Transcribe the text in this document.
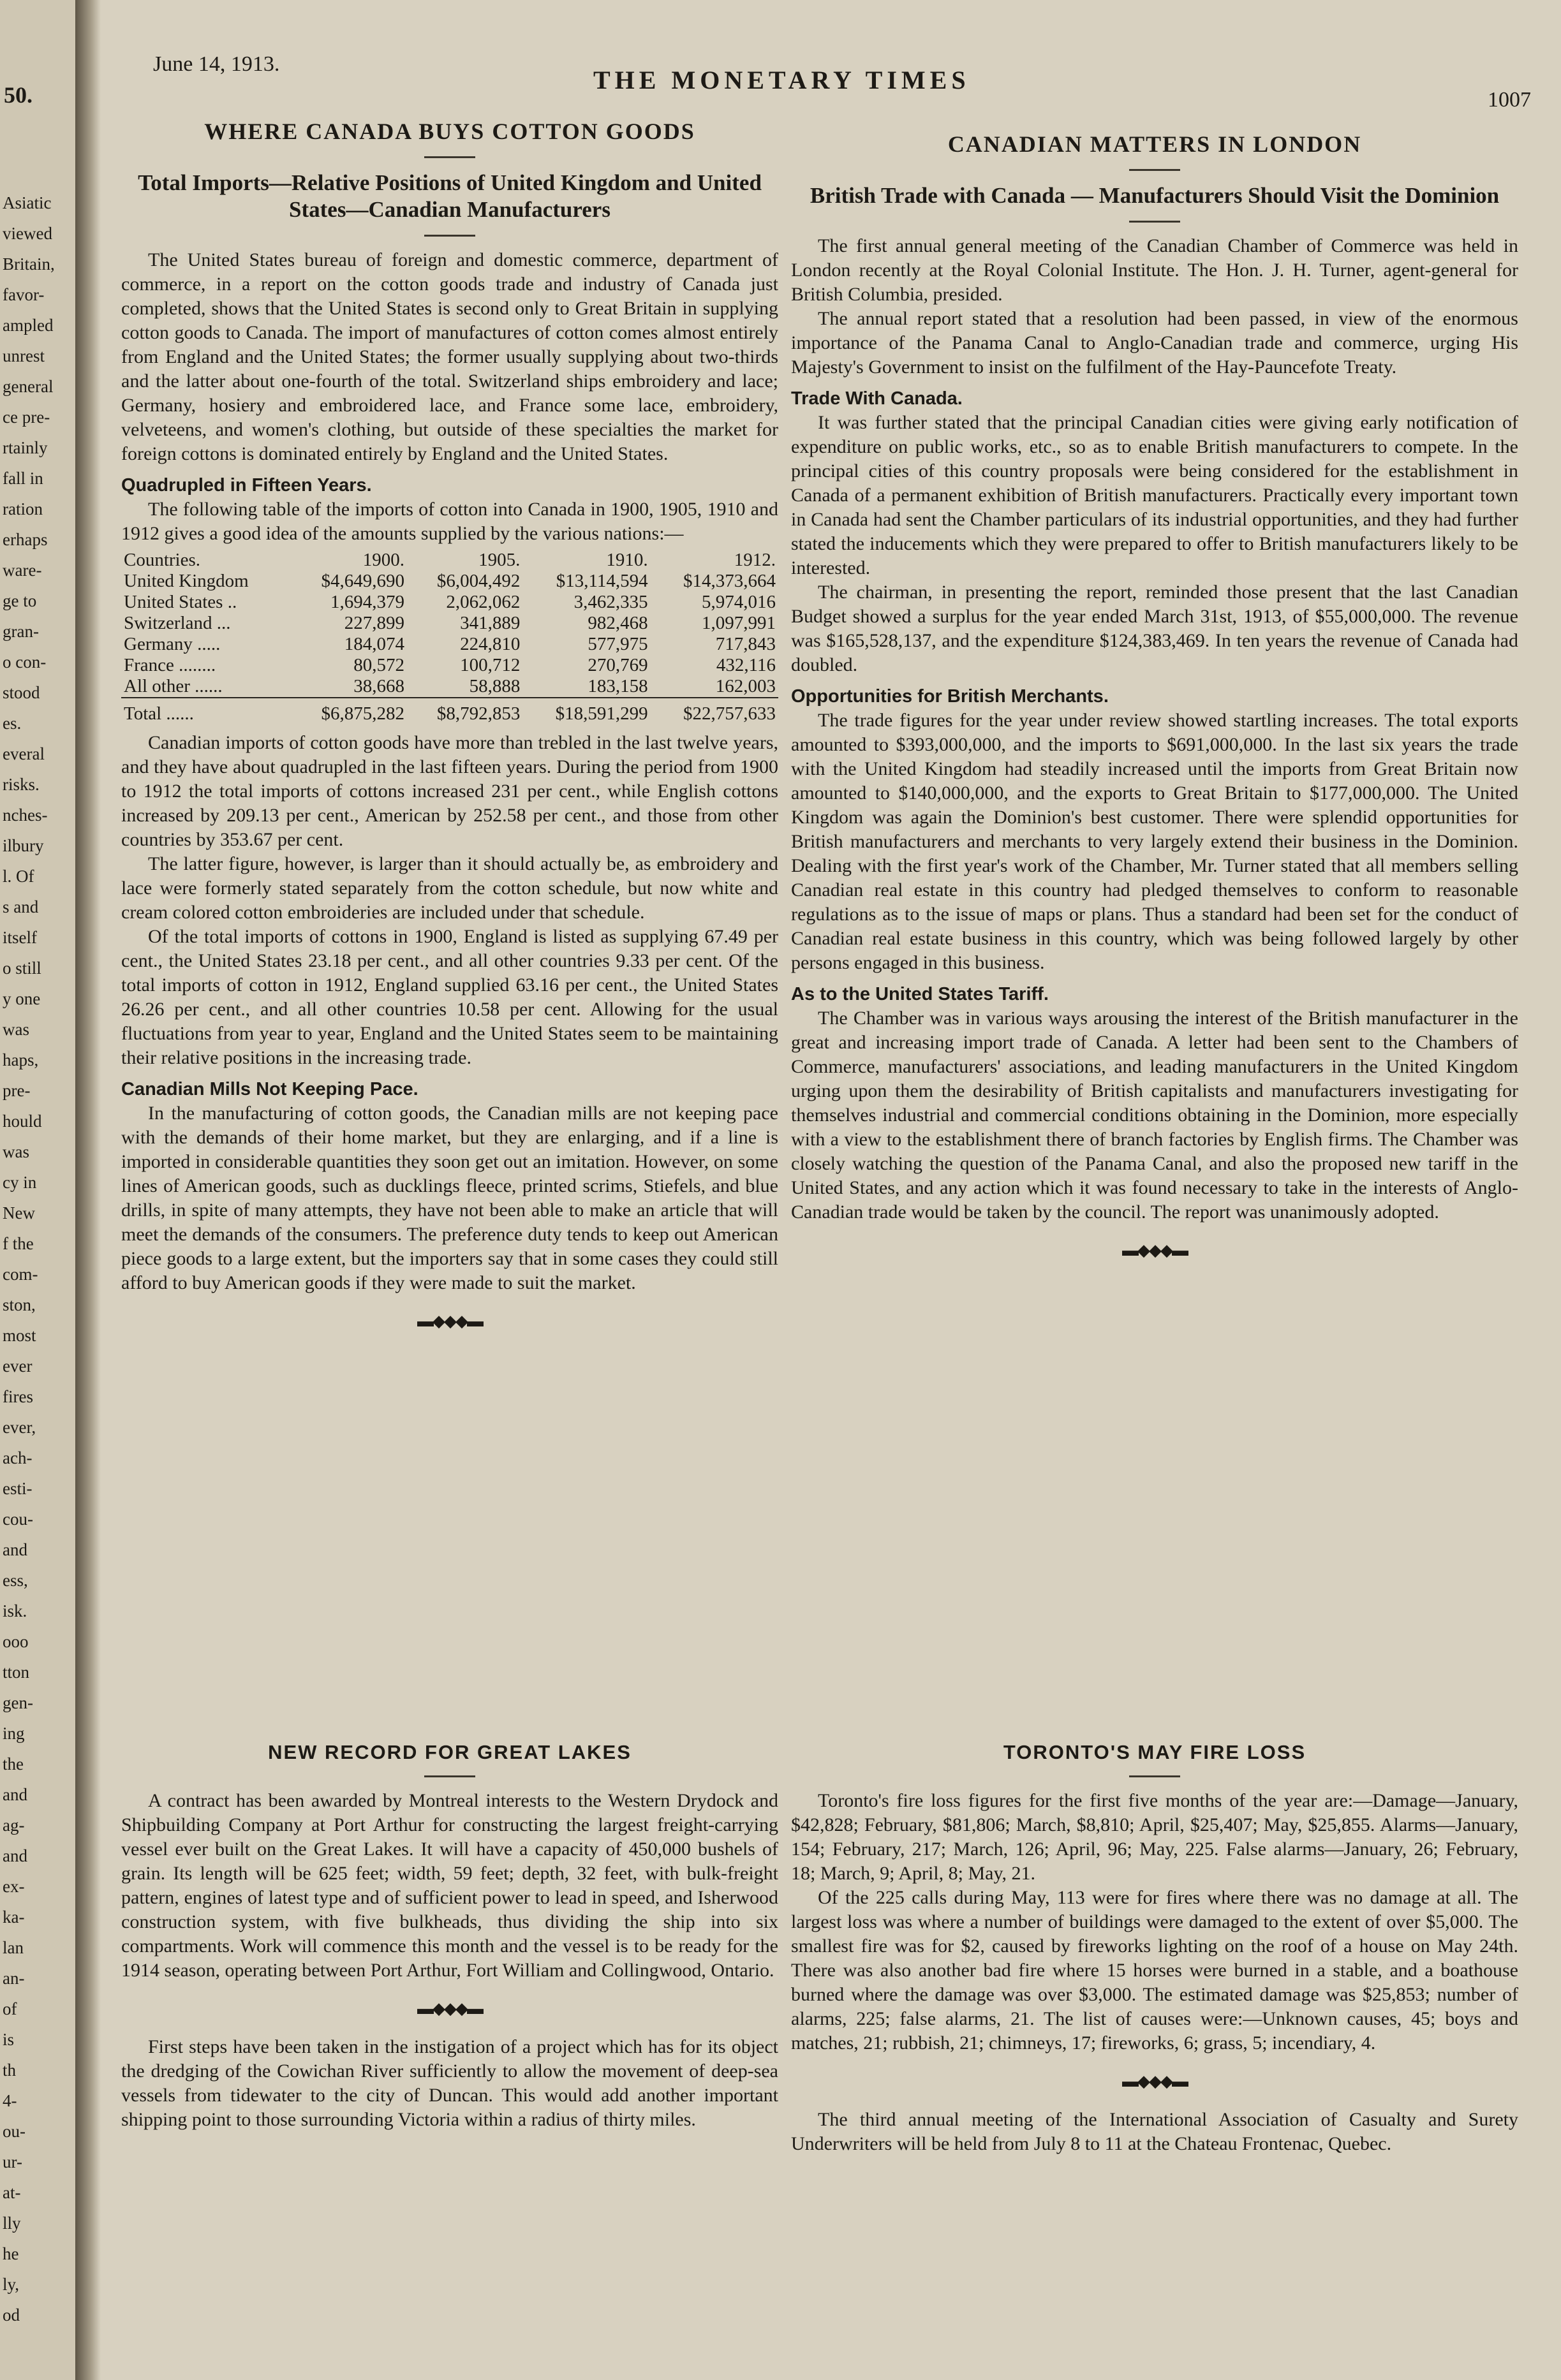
50.
Asiatic
viewed
Britain,
favor-
ampled
unrest
general
ce pre-
rtainly
fall in
ration
erhaps
ware-
ge to
gran-
o con-
stood
es.
everal
risks.
nches-
ilbury
l. Of
s and
itself
o still
y one
was
haps,
pre-
hould
was
cy in
New
f the
com-
ston,
most
ever
fires
ever,
ach-
esti-
cou-
and
ess,
isk.
ooo
tton
gen-
ing
the
and
ag-
and
ex-
ka-
lan
an-
of
is
th
4-
ou-
ur-
at-
lly
he
ly,
od
June 14, 1913.
THE MONETARY TIMES
1007
WHERE CANADA BUYS COTTON GOODS
Total Imports—Relative Positions of United Kingdom and United States—Canadian Manufacturers

The United States bureau of foreign and domestic commerce, department of commerce, in a report on the cotton goods trade and industry of Canada just completed, shows that the United States is second only to Great Britain in supplying cotton goods to Canada. The import of manufactures of cotton comes almost entirely from England and the United States; the former usually supplying about two-thirds and the latter about one-fourth of the total. Switzerland ships embroidery and lace; Germany, hosiery and embroidered lace, and France some lace, embroidery, velveteens, and women's clothing, but outside of these specialties the market for foreign cottons is dominated entirely by England and the United States.

Quadrupled in Fifteen Years.

The following table of the imports of cotton into Canada in 1900, 1905, 1910 and 1912 gives a good idea of the amounts supplied by the various nations:—

Countries.	1900.	1905.	1910.	1912.
United Kingdom	$4,649,690	$6,004,492	$13,114,594	$14,373,664
United States ..	1,694,379	2,062,062	3,462,335	5,974,016
Switzerland ...	227,899	341,889	982,468	1,097,991
Germany .....	184,074	224,810	577,975	717,843
France ........	80,572	100,712	270,769	432,116
All other ......	38,668	58,888	183,158	162,003
Total ......	$6,875,282	$8,792,853	$18,591,299	$22,757,633

Canadian imports of cotton goods have more than trebled in the last twelve years, and they have about quadrupled in the last fifteen years. During the period from 1900 to 1912 the total imports of cottons increased 231 per cent., while English cottons increased by 209.13 per cent., American by 252.58 per cent., and those from other countries by 353.67 per cent.

The latter figure, however, is larger than it should actually be, as embroidery and lace were formerly stated separately from the cotton schedule, but now white and cream colored cotton embroideries are included under that schedule.

Of the total imports of cottons in 1900, England is listed as supplying 67.49 per cent., the United States 23.18 per cent., and all other countries 9.33 per cent. Of the total imports of cotton in 1912, England supplied 63.16 per cent., the United States 26.26 per cent., and all other countries 10.58 per cent. Allowing for the usual fluctuations from year to year, England and the United States seem to be maintaining their relative positions in the increasing trade.

Canadian Mills Not Keeping Pace.

In the manufacturing of cotton goods, the Canadian mills are not keeping pace with the demands of their home market, but they are enlarging, and if a line is imported in considerable quantities they soon get out an imitation. However, on some lines of American goods, such as ducklings fleece, printed scrims, Stiefels, and blue drills, in spite of many attempts, they have not been able to make an article that will meet the demands of the consumers. The preference duty tends to keep out American piece goods to a large extent, but the importers say that in some cases they could still afford to buy American goods if they were made to suit the market.

▬◆◆◆▬
CANADIAN MATTERS IN LONDON
British Trade with Canada — Manufacturers Should Visit the Dominion

The first annual general meeting of the Canadian Chamber of Commerce was held in London recently at the Royal Colonial Institute. The Hon. J. H. Turner, agent-general for British Columbia, presided.

The annual report stated that a resolution had been passed, in view of the enormous importance of the Panama Canal to Anglo-Canadian trade and commerce, urging His Majesty's Government to insist on the fulfilment of the Hay-Pauncefote Treaty.

Trade With Canada.

It was further stated that the principal Canadian cities were giving early notification of expenditure on public works, etc., so as to enable British manufacturers to compete. In the principal cities of this country proposals were being considered for the establishment in Canada of a permanent exhibition of British manufacturers. Practically every important town in Canada had sent the Chamber particulars of its industrial opportunities, and they had further stated the inducements which they were prepared to offer to British manufacturers likely to be interested.

The chairman, in presenting the report, reminded those present that the last Canadian Budget showed a surplus for the year ended March 31st, 1913, of $55,000,000. The revenue was $165,528,137, and the expenditure $124,383,469. In ten years the revenue of Canada had doubled.

Opportunities for British Merchants.

The trade figures for the year under review showed startling increases. The total exports amounted to $393,000,000, and the imports to $691,000,000. In the last six years the trade with the United Kingdom had steadily increased until the imports from Great Britain now amounted to $140,000,000, and the exports to Great Britain to $177,000,000. The United Kingdom was again the Dominion's best customer. There were splendid opportunities for British manufacturers and merchants to very largely extend their business in the Dominion. Dealing with the first year's work of the Chamber, Mr. Turner stated that all members selling Canadian real estate in this country had pledged themselves to conform to reasonable regulations as to the issue of maps or plans. Thus a standard had been set for the conduct of Canadian real estate business in this country, which was being followed largely by other persons engaged in this business.

As to the United States Tariff.

The Chamber was in various ways arousing the interest of the British manufacturer in the great and increasing import trade of Canada. A letter had been sent to the Chambers of Commerce, manufacturers' associations, and leading manufacturers in the United Kingdom urging upon them the desirability of British capitalists and manufacturers investigating for themselves industrial and commercial conditions obtaining in the Dominion, more especially with a view to the establishment there of branch factories by English firms. The Chamber was closely watching the question of the Panama Canal, and also the proposed new tariff in the United States, and any action which it was found necessary to take in the interests of Anglo-Canadian trade would be taken by the council. The report was unanimously adopted.

▬◆◆◆▬
NEW RECORD FOR GREAT LAKES

A contract has been awarded by Montreal interests to the Western Drydock and Shipbuilding Company at Port Arthur for constructing the largest freight-carrying vessel ever built on the Great Lakes. It will have a capacity of 450,000 bushels of grain. Its length will be 625 feet; width, 59 feet; depth, 32 feet, with bulk-freight pattern, engines of latest type and of sufficient power to lead in speed, and Isherwood construction system, with five bulkheads, thus dividing the ship into six compartments. Work will commence this month and the vessel is to be ready for the 1914 season, operating between Port Arthur, Fort William and Collingwood, Ontario.

▬◆◆◆▬

First steps have been taken in the instigation of a project which has for its object the dredging of the Cowichan River sufficiently to allow the movement of deep-sea vessels from tidewater to the city of Duncan. This would add another important shipping point to those surrounding Victoria within a radius of thirty miles.

TORONTO'S MAY FIRE LOSS

Toronto's fire loss figures for the first five months of the year are:—Damage—January, $42,828; February, $81,806; March, $8,810; April, $25,407; May, $25,855. Alarms—January, 154; February, 217; March, 126; April, 96; May, 225. False alarms—January, 26; February, 18; March, 9; April, 8; May, 21.

Of the 225 calls during May, 113 were for fires where there was no damage at all. The largest loss was where a number of buildings were damaged to the extent of over $5,000. The smallest fire was for $2, caused by fireworks lighting on the roof of a house on May 24th. There was also another bad fire where 15 horses were burned in a stable, and a boathouse burned where the damage was over $3,000. The estimated damage was $25,853; number of alarms, 225; false alarms, 21. The list of causes were:—Unknown causes, 45; boys and matches, 21; rubbish, 21; chimneys, 17; fireworks, 6; grass, 5; incendiary, 4.

▬◆◆◆▬

The third annual meeting of the International Association of Casualty and Surety Underwriters will be held from July 8 to 11 at the Chateau Frontenac, Quebec.
